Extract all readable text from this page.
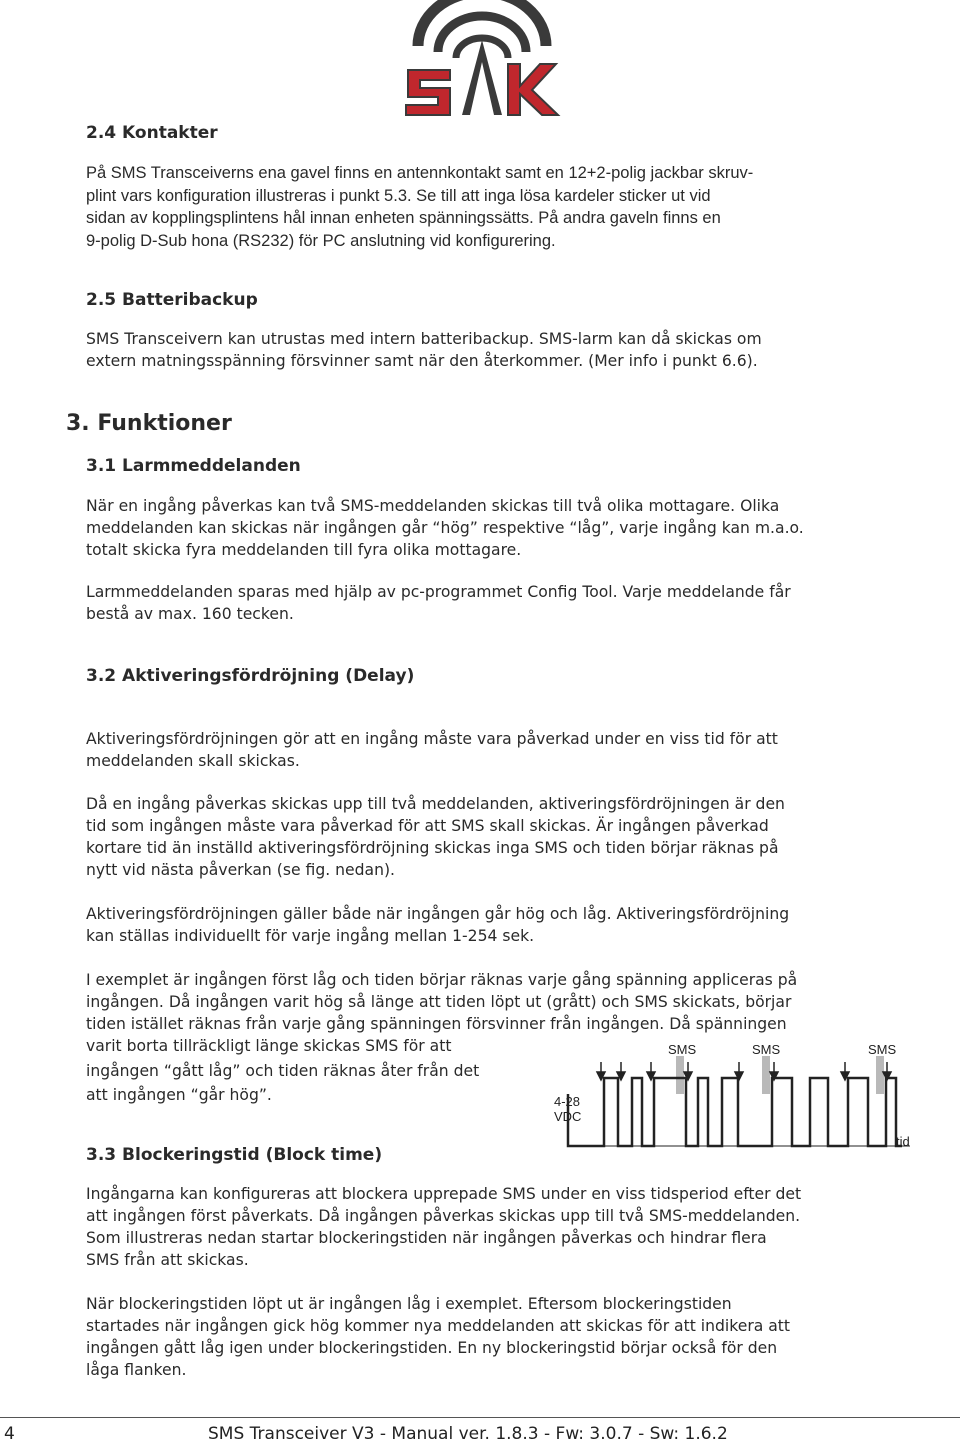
2.4 Kontakter

På SMS Transceiverns ena gavel finns en antennkontakt samt en 12+2-polig jackbar skruv-

plint vars konfiguration illustreras i punkt 5.3. Se till att inga lösa kardeler sticker ut vid

sidan av kopplingsplintens hål innan enheten spänningssätts. På andra gaveln finns en

9-polig D-Sub hona (RS232) för PC anslutning vid konfigurering.

2.5 Batteribackup

SMS Transceivern kan utrustas med intern batteribackup. SMS-larm kan då skickas om

extern matningsspänning försvinner samt när den återkommer. (Mer info i punkt 6.6).

3. Funktioner
3.1 Larmmeddelanden

När en ingång påverkas kan två SMS-meddelanden skickas till två olika mottagare. Olika

meddelanden kan skickas när ingången går “hög” respektive “låg”, varje ingång kan m.a.o.

totalt skicka fyra meddelanden till fyra olika mottagare.

Larmmeddelanden sparas med hjälp av pc-programmet Config Tool. Varje meddelande får

bestå av max. 160 tecken.

3.2 Aktiveringsfördröjning (Delay)

Aktiveringsfördröjningen gör att en ingång måste vara påverkad under en viss tid för att

meddelanden skall skickas.

Då en ingång påverkas skickas upp till två meddelanden, aktiveringsfördröjningen är den

tid som ingången måste vara påverkad för att SMS skall skickas. Är ingången påverkad

kortare tid än inställd aktiveringsfördröjning skickas inga SMS och tiden börjar räknas på

nytt vid nästa påverkan (se fig. nedan).

Aktiveringsfördröjningen gäller både när ingången går hög och låg. Aktiveringsfördröjning

kan ställas individuellt för varje ingång mellan 1-254 sek.

I exemplet är ingången först låg och tiden börjar räknas varje gång spänning appliceras på

ingången. Då ingången varit hög så länge att tiden löpt ut (grått) och SMS skickats, börjar

tiden istället räknas från varje gång spänningen försvinner från ingången. Då spänningen

varit borta tillräckligt länge skickas SMS för att

ingången “gått låg” och tiden räknas åter från det

att ingången “går hög”.

SMS	SMS	SMS
4-28
VDC
tid
3.3 Blockeringstid (Block time)

Ingångarna kan konfigureras att blockera upprepade SMS under en viss tidsperiod efter det

att ingången först påverkats. Då ingången påverkas skickas upp till två SMS-meddelanden.

Som illustreras nedan startar blockeringstiden när ingången påverkas och hindrar flera

SMS från att skickas.

När blockeringstiden löpt ut är ingången låg i exemplet. Eftersom blockeringstiden

startades när ingången gick hög kommer nya meddelanden att skickas för att indikera att

ingången gått låg igen under blockeringstiden. En ny blockeringstid börjar också för den

låga flanken.

4	SMS Transceiver V3 - Manual ver. 1.8.3 - Fw: 3.0.7 - Sw: 1.6.2
